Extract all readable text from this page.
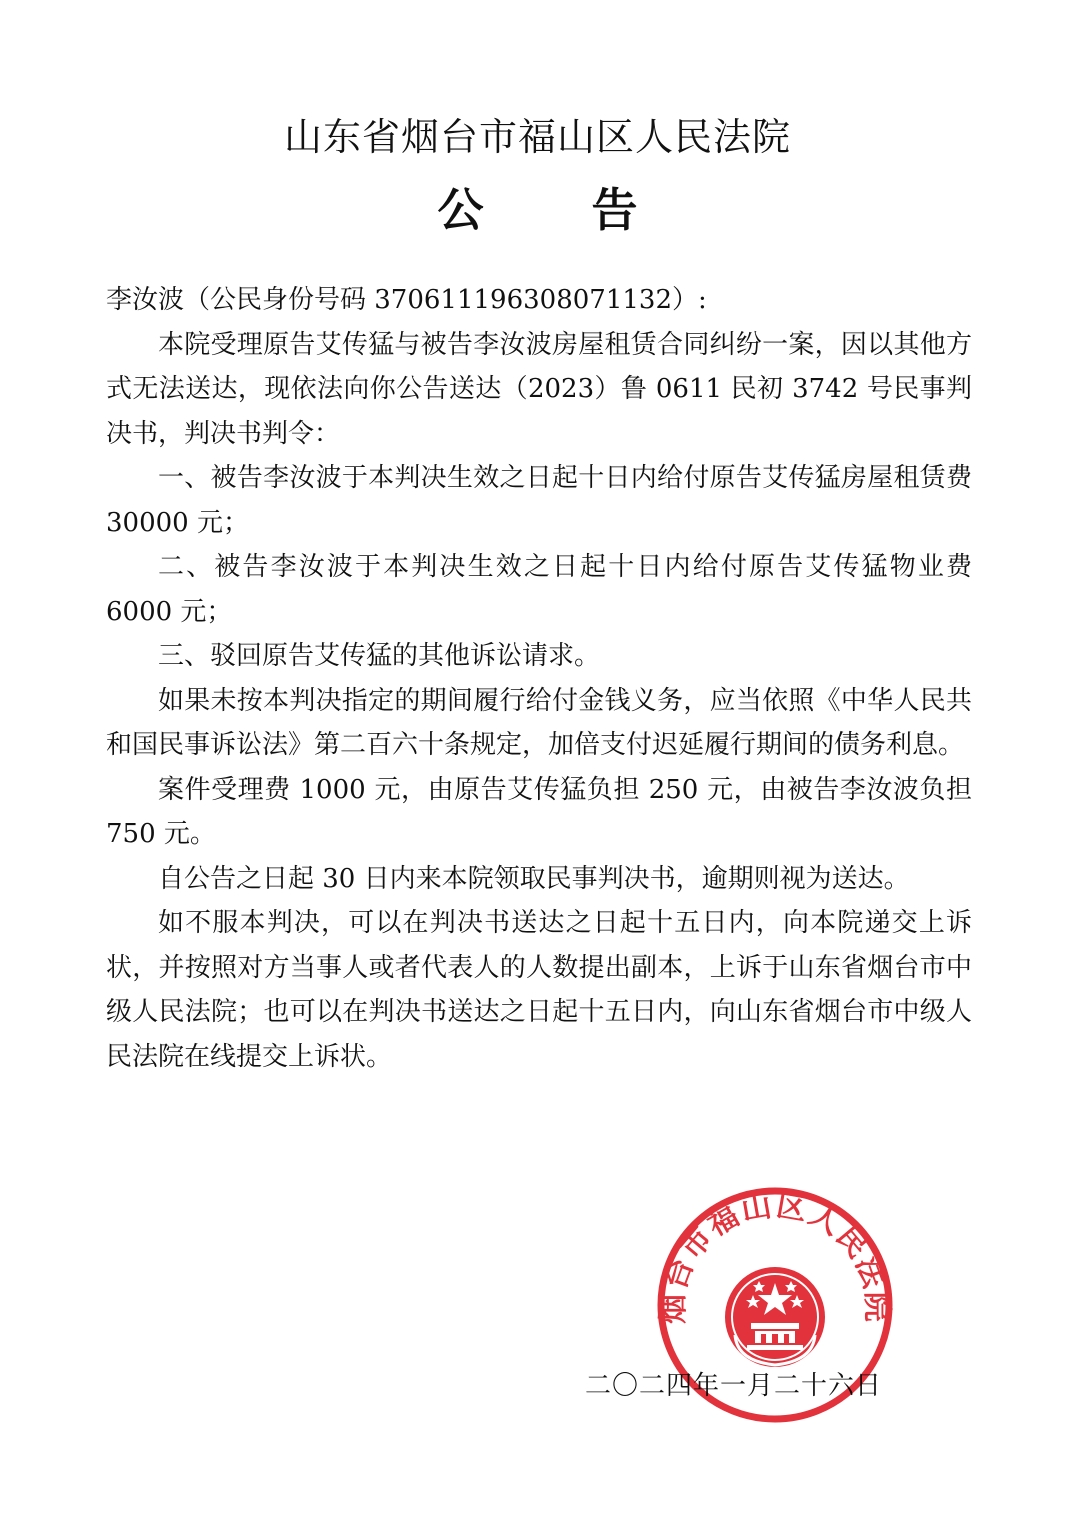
山东省烟台市福山区人民法院
公 告

李汝波（公民身份号码 370611196308071132）:

本院受理原告艾传猛与被告李汝波房屋租赁合同纠纷一案，因以其他方式无法送达，现依法向你公告送达（2023）鲁 0611 民初 3742 号民事判决书，判决书判令：

一、被告李汝波于本判决生效之日起十日内给付原告艾传猛房屋租赁费 30000 元；

二、被告李汝波于本判决生效之日起十日内给付原告艾传猛物业费 6000 元；

三、驳回原告艾传猛的其他诉讼请求。

如果未按本判决指定的期间履行给付金钱义务，应当依照《中华人民共和国民事诉讼法》第二百六十条规定，加倍支付迟延履行期间的债务利息。

案件受理费 1000 元，由原告艾传猛负担 250 元，由被告李汝波负担 750 元。

自公告之日起 30 日内来本院领取民事判决书，逾期则视为送达。

如不服本判决，可以在判决书送达之日起十五日内，向本院递交上诉状，并按照对方当事人或者代表人的人数提出副本，上诉于山东省烟台市中级人民法院；也可以在判决书送达之日起十五日内，向山东省烟台市中级人民法院在线提交上诉状。

二〇二四年一月二十六日
烟台市福山区人民法院
